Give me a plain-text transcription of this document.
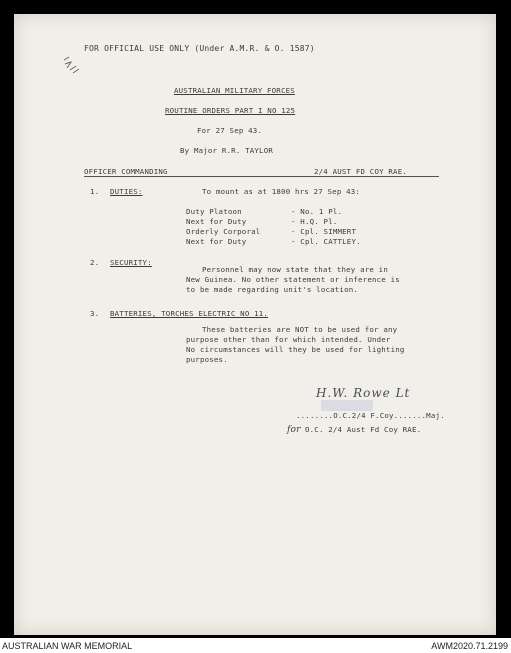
FOR OFFICIAL USE ONLY (Under A.M.R. & O. 1587)
AUSTRALIAN MILITARY FORCES
ROUTINE ORDERS PART I NO 125
For 27 Sep 43.
By Major R.R. TAYLOR
OFFICER COMMANDING	2/4 AUST FD COY RAE.
1. DUTIES:	To mount as at 1800 hrs 27 Sep 43:
Duty Platoon	- No. 1 Pl.
Next for Duty	- H.Q. Pl.
Orderly Corporal	- Cpl. SIMMERT
Next for Duty	- Cpl. CATTLEY.
2. SECURITY:
Personnel may now state that they are in
New Guinea. No other statement or inference is
to be made regarding unit's location.
3. BATTERIES, TORCHES ELECTRIC NO 11.
These batteries are NOT to be used for any
purpose other than for which intended. Under
No circumstances will they be used for lighting
purposes.
H.W. Rowe Lt
........O.C.2/4 F.Coy.......Maj.
for O.C. 2/4 Aust Fd Coy RAE.
AUSTRALIAN WAR MEMORIAL	AWM2020.71.2199
